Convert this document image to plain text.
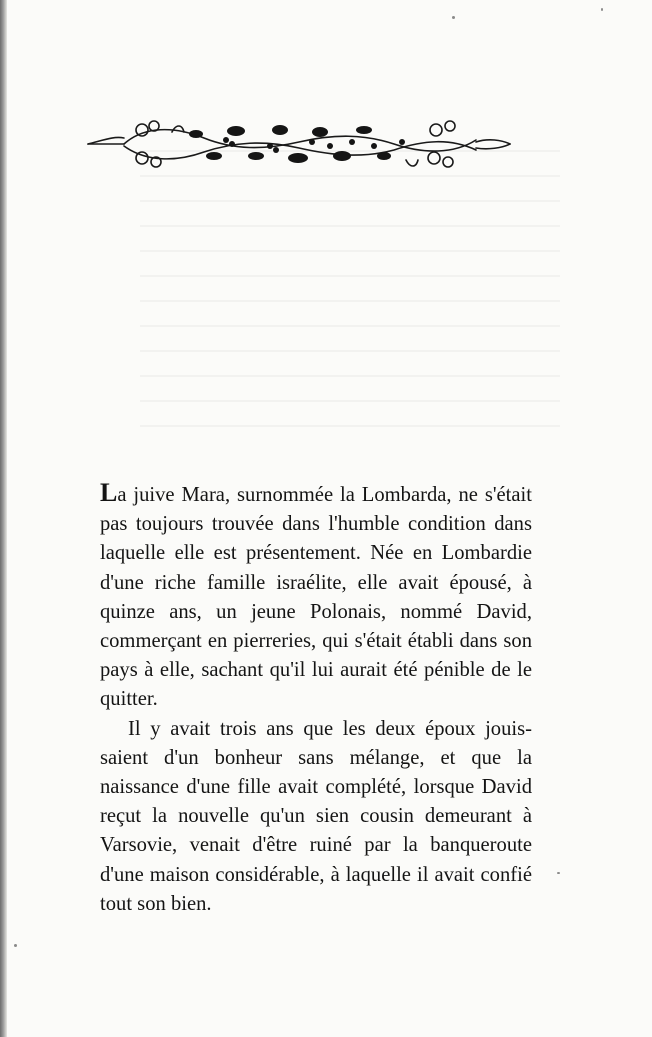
La juive Mara, surnommée la Lombarda, ne s'était pas toujours trouvée dans l'humble condition dans laquelle elle est présentement. Née en Lombardie d'une riche famille israélite, elle avait épousé, à quinze ans, un jeune Polonais, nommé David, commerçant en pierreries, qui s'était établi dans son pays à elle, sachant qu'il lui aurait été pénible de le quitter.

Il y avait trois ans que les deux époux jouissaient d'un bonheur sans mélange, et que la naissance d'une fille avait complété, lorsque David reçut la nouvelle qu'un sien cousin demeurant à Varsovie, venait d'être ruiné par la banqueroute d'une maison considérable, à laquelle il avait confié tout son bien.
